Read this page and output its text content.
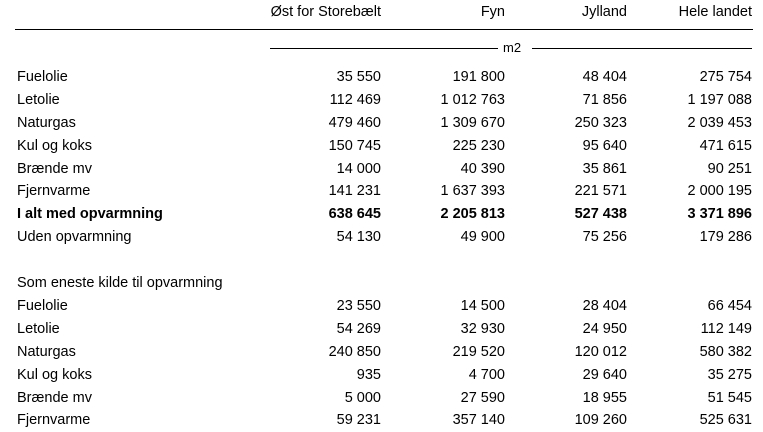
Øst for Storebælt	Fyn	Jylland	Hele landet
m2
Fuelolie	35 550	191 800	48 404	275 754
Letolie	112 469	1 012 763	71 856	1 197 088
Naturgas	479 460	1 309 670	250 323	2 039 453
Kul og koks	150 745	225 230	95 640	471 615
Brænde mv	14 000	40 390	35 861	90 251
Fjernvarme	141 231	1 637 393	221 571	2 000 195
I alt med opvarmning	638 645	2 205 813	527 438	3 371 896
Uden opvarmning	54 130	49 900	75 256	179 286
Som eneste kilde til opvarmning
Fuelolie	23 550	14 500	28 404	66 454
Letolie	54 269	32 930	24 950	112 149
Naturgas	240 850	219 520	120 012	580 382
Kul og koks	935	4 700	29 640	35 275
Brænde mv	5 000	27 590	18 955	51 545
Fjernvarme	59 231	357 140	109 260	525 631
